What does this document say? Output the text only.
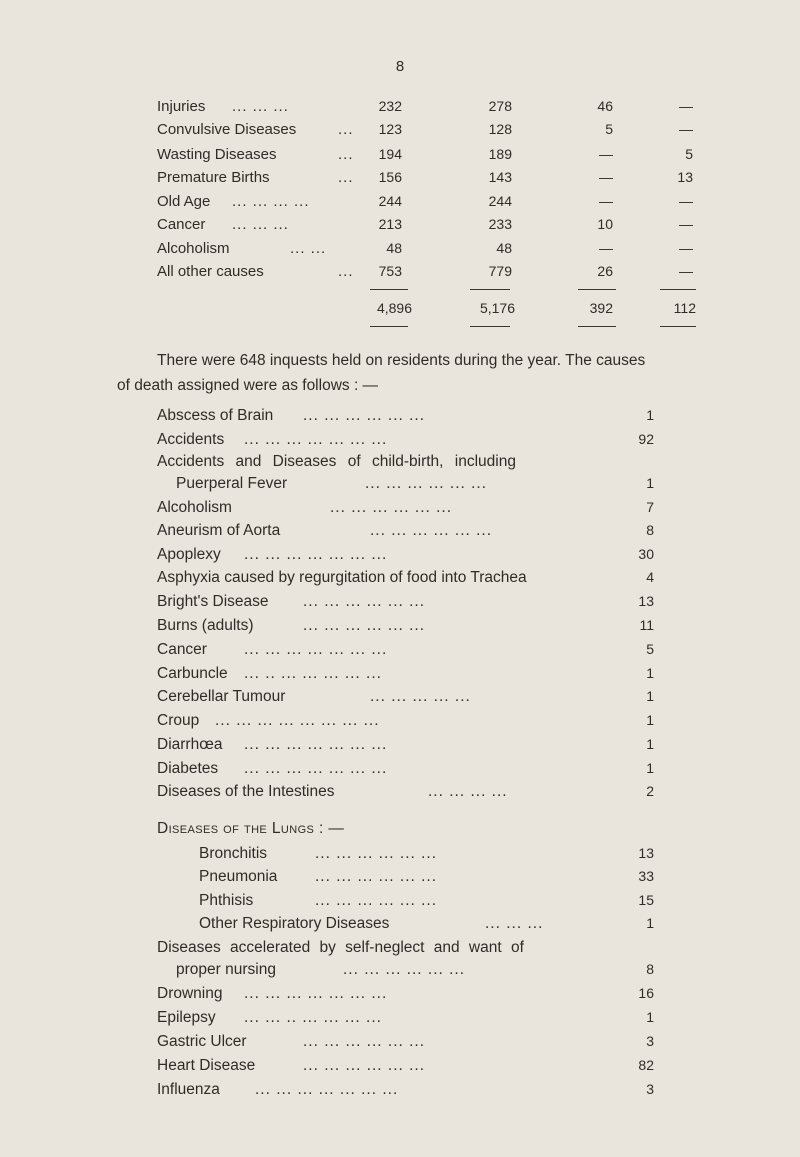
8
Injuries ... ... ...	232	278	46	—
Convulsive Diseases	...	123	128	5	—
Wasting Diseases	...	194	189	—	5
Premature Births	...	156	143	—	13
Old Age ... ... ... ...	244	244	—	—
Cancer ... ... ...	213	233	10	—
Alcoholism	... ...	48	48	—	—
All other causes	...	753	779	26	—
4,896	5,176	392	112
There were 648 inquests held on residents during the year. The causes
of death assigned were as follows : —
Abscess of Brain ... ... ... ... ... ...	1
Accidents ... ... ... ... ... ... ...	92
Accidents and Diseases of child-birth, including
Puerperal Fever	... ... ... ... ... ...	1
Alcoholism	... ... ... ... ... ...	7
Aneurism of Aorta	... ... ... ... ... ...	8
Apoplexy ... ... ... ... ... ... ...	30
Asphyxia caused by regurgitation of food into Trachea	4
Bright's Disease ... ... ... ... ... ...	13
Burns (adults)	... ... ... ... ... ...	11
Cancer ... ... ... ... ... ... ...	5
Carbuncle ... .. ... ... ... ... ...	1
Cerebellar Tumour	... ... ... ... ...	1
Croup ... ... ... ... ... ... ... ...	1
Diarrhœa ... ... ... ... ... ... ...	1
Diabetes ... ... ... ... ... ... ...	1
Diseases of the Intestines	... ... ... ...	2
Diseases of the Lungs : —
Bronchitis	... ... ... ... ... ...	13
Pneumonia ... ... ... ... ... ...	33
Phthisis	... ... ... ... ... ...	15
Other Respiratory Diseases	... ... ...	1
Diseases accelerated by self-neglect and want of
proper nursing	... ... ... ... ... ...	8
Drowning ... ... ... ... ... ... ...	16
Epilepsy ... ... .. ... ... ... ...	1
Gastric Ulcer	... ... ... ... ... ...	3
Heart Disease	... ... ... ... ... ...	82
Influenza ... ... ... ... ... ... ...	3
